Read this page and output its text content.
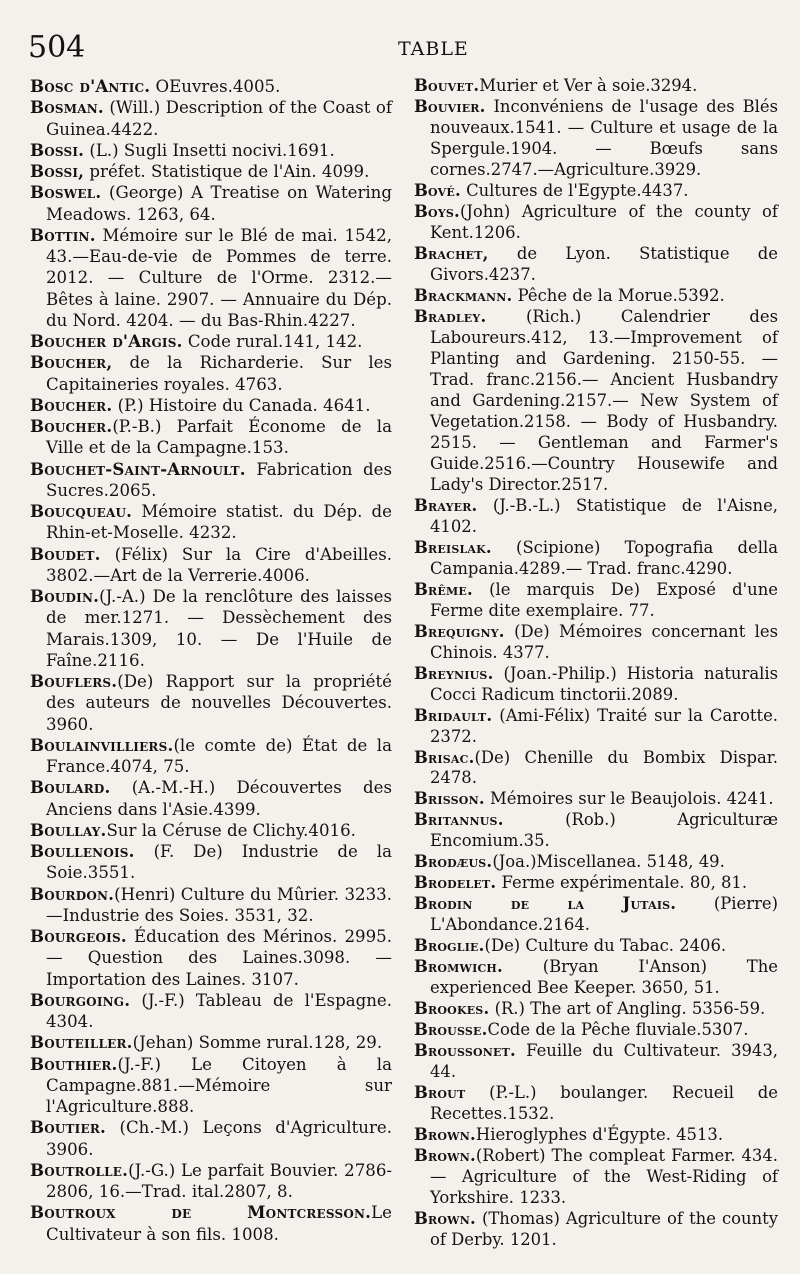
504	TABLE
Bosc d'Antic. OEuvres.4005.
Bosman. (Will.) Description of the Coast of Guinea.4422.
Bossi. (L.) Sugli Insetti nocivi.1691.
Bossi, préfet. Statistique de l'Ain. 4099.
Boswel. (George) A Treatise on Watering Meadows. 1263, 64.
Bottin. Mémoire sur le Blé de mai. 1542, 43.—Eau-de-vie de Pommes de terre. 2012. — Culture de l'Orme. 2312.—Bêtes à laine. 2907. — Annuaire du Dép. du Nord. 4204. — du Bas-Rhin.4227.
Boucher d'Argis. Code rural.141, 142.
Boucher, de la Richarderie. Sur les Capitaineries royales. 4763.
Boucher. (P.) Histoire du Canada. 4641.
Boucher.(P.-B.) Parfait Économe de la Ville et de la Campagne.153.
Bouchet-Saint-Arnoult. Fabrication des Sucres.2065.
Boucqueau. Mémoire statist. du Dép. de Rhin-et-Moselle. 4232.
Boudet. (Félix) Sur la Cire d'Abeilles. 3802.—Art de la Verrerie.4006.
Boudin.(J.-A.) De la renclôture des laisses de mer.1271. — Dessèchement des Marais.1309, 10. — De l'Huile de Faîne.2116.
Bouflers.(De) Rapport sur la propriété des auteurs de nouvelles Découvertes. 3960.
Boulainvilliers.(le comte de) État de la France.4074, 75.
Boulard. (A.-M.-H.) Découvertes des Anciens dans l'Asie.4399.
Boullay.Sur la Céruse de Clichy.4016.
Boullenois. (F. De) Industrie de la Soie.3551.
Bourdon.(Henri) Culture du Mûrier. 3233.—Industrie des Soies. 3531, 32.
Bourgeois. Éducation des Mérinos. 2995. — Question des Laines.3098. — Importation des Laines. 3107.
Bourgoing. (J.-F.) Tableau de l'Espagne. 4304.
Bouteiller.(Jehan) Somme rural.128, 29.
Bouthier.(J.-F.) Le Citoyen à la Campagne.881.—Mémoire sur l'Agriculture.888.
Boutier. (Ch.-M.) Leçons d'Agriculture. 3906.
Boutrolle.(J.-G.) Le parfait Bouvier. 2786-2806, 16.—Trad. ital.2807, 8.
Boutroux de Montcresson.Le Cultivateur à son fils. 1008.
Bouvet.Murier et Ver à soie.3294.
Bouvier. Inconvéniens de l'usage des Blés nouveaux.1541. — Culture et usage de la Spergule.1904. — Bœufs sans cornes.2747.—Agriculture.3929.
Bové. Cultures de l'Egypte.4437.
Boys.(John) Agriculture of the county of Kent.1206.
Brachet, de Lyon. Statistique de Givors.4237.
Brackmann. Pêche de la Morue.5392.
Bradley. (Rich.) Calendrier des Laboureurs.412, 13.—Improvement of Planting and Gardening. 2150-55. —Trad. franc.2156.— Ancient Husbandry and Gardening.2157.— New System of Vegetation.2158. — Body of Husbandry. 2515. — Gentleman and Farmer's Guide.2516.—Country Housewife and Lady's Director.2517.
Brayer. (J.-B.-L.) Statistique de l'Aisne, 4102.
Breislak. (Scipione) Topografia della Campania.4289.— Trad. franc.4290.
Brême. (le marquis De) Exposé d'une Ferme dite exemplaire. 77.
Brequigny. (De) Mémoires concernant les Chinois. 4377.
Breynius. (Joan.-Philip.) Historia naturalis Cocci Radicum tinctorii.2089.
Bridault. (Ami-Félix) Traité sur la Carotte. 2372.
Brisac.(De) Chenille du Bombix Dispar. 2478.
Brisson. Mémoires sur le Beaujolois. 4241.
Britannus. (Rob.) Agriculturæ Encomium.35.
Brodæus.(Joa.)Miscellanea. 5148, 49.
Brodelet. Ferme expérimentale. 80, 81.
Brodin de la Jutais. (Pierre) L'Abondance.2164.
Broglie.(De) Culture du Tabac. 2406.
Bromwich. (Bryan I'Anson) The experienced Bee Keeper. 3650, 51.
Brookes. (R.) The art of Angling. 5356-59.
Brousse.Code de la Pêche fluviale.5307.
Broussonet. Feuille du Cultivateur. 3943, 44.
Brout (P.-L.) boulanger. Recueil de Recettes.1532.
Brown.Hieroglyphes d'Égypte. 4513.
Brown.(Robert) The compleat Farmer. 434.— Agriculture of the West-Riding of Yorkshire. 1233.
Brown. (Thomas) Agriculture of the county of Derby. 1201.
